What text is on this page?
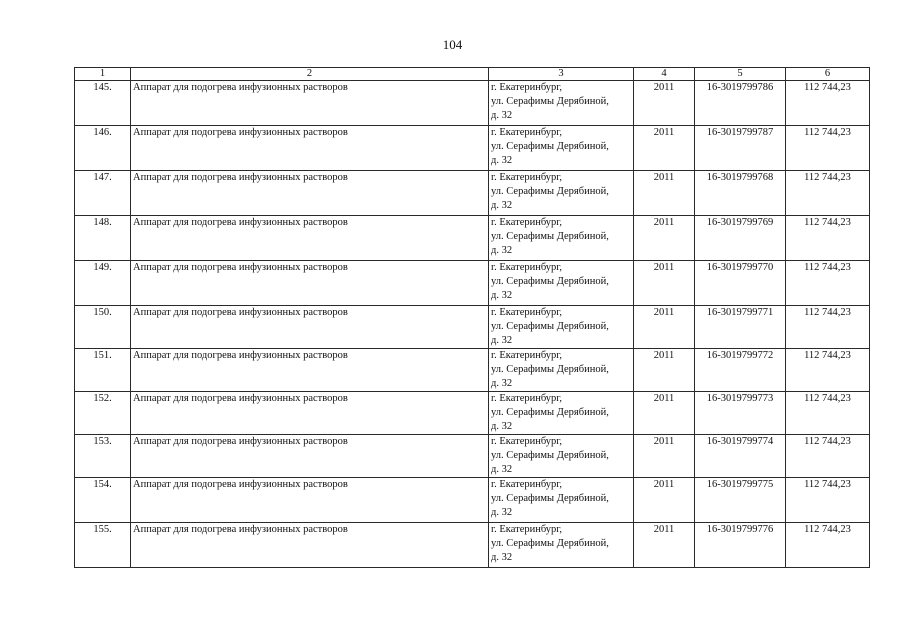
104
1	2	3	4	5	6
145.	Аппарат для подогрева инфузионных растворов	г. Екатеринбург,
ул. Серафимы Дерябиной,
д. 32	2011	16-3019799786	112 744,23
146.	Аппарат для подогрева инфузионных растворов	г. Екатеринбург,
ул. Серафимы Дерябиной,
д. 32	2011	16-3019799787	112 744,23
147.	Аппарат для подогрева инфузионных растворов	г. Екатеринбург,
ул. Серафимы Дерябиной,
д. 32	2011	16-3019799768	112 744,23
148.	Аппарат для подогрева инфузионных растворов	г. Екатеринбург,
ул. Серафимы Дерябиной,
д. 32	2011	16-3019799769	112 744,23
149.	Аппарат для подогрева инфузионных растворов	г. Екатеринбург,
ул. Серафимы Дерябиной,
д. 32	2011	16-3019799770	112 744,23
150.	Аппарат для подогрева инфузионных растворов	г. Екатеринбург,
ул. Серафимы Дерябиной,
д. 32	2011	16-3019799771	112 744,23
151.	Аппарат для подогрева инфузионных растворов	г. Екатеринбург,
ул. Серафимы Дерябиной,
д. 32	2011	16-3019799772	112 744,23
152.	Аппарат для подогрева инфузионных растворов	г. Екатеринбург,
ул. Серафимы Дерябиной,
д. 32	2011	16-3019799773	112 744,23
153.	Аппарат для подогрева инфузионных растворов	г. Екатеринбург,
ул. Серафимы Дерябиной,
д. 32	2011	16-3019799774	112 744,23
154.	Аппарат для подогрева инфузионных растворов	г. Екатеринбург,
ул. Серафимы Дерябиной,
д. 32	2011	16-3019799775	112 744,23
155.	Аппарат для подогрева инфузионных растворов	г. Екатеринбург,
ул. Серафимы Дерябиной,
д. 32	2011	16-3019799776	112 744,23
